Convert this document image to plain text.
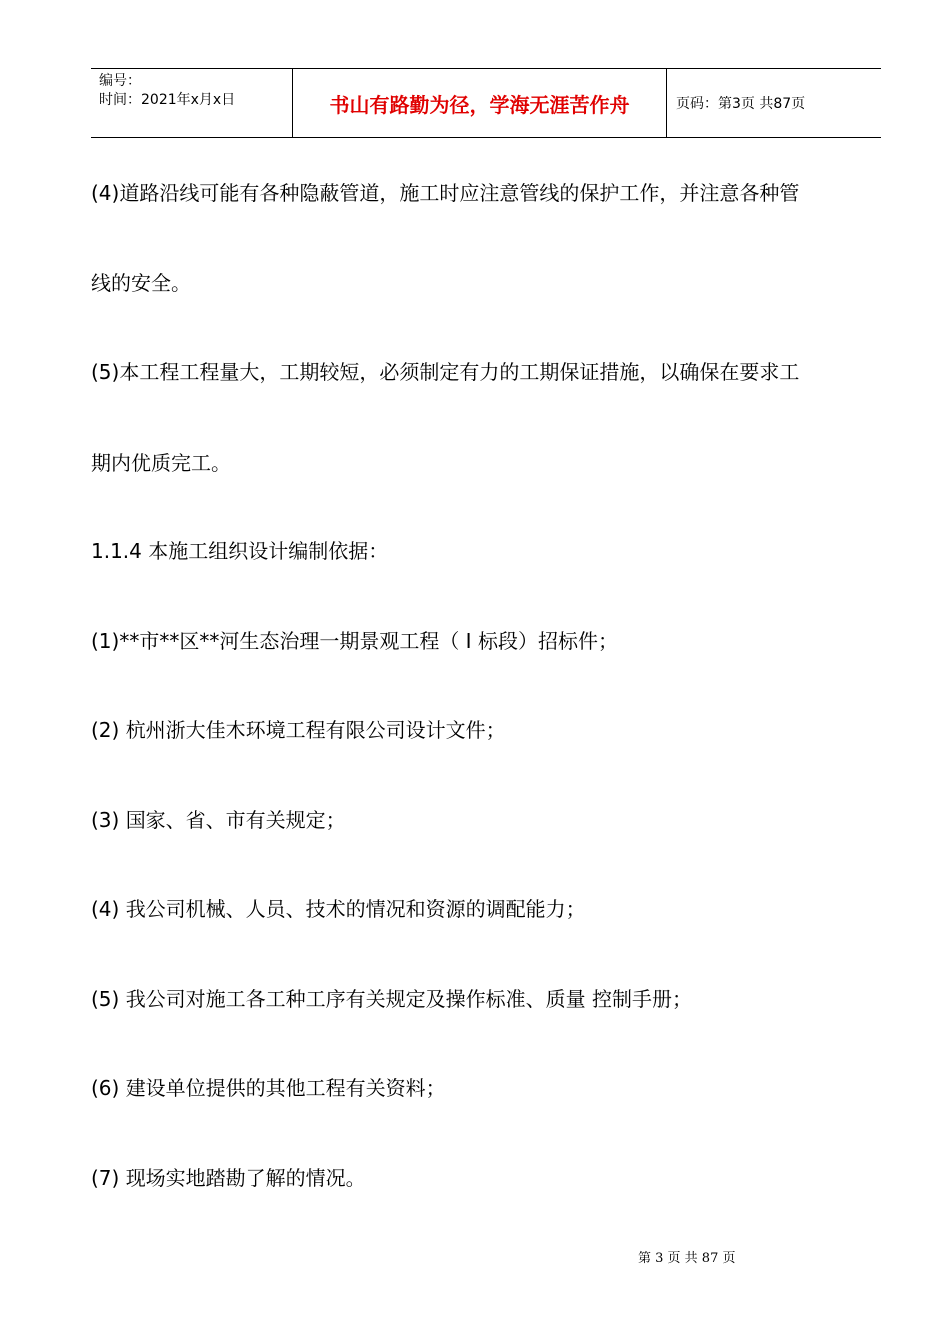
编号：
时间：2021年x月x日	书山有路勤为径，学海无涯苦作舟	页码：第3页 共87页
(4)道路沿线可能有各种隐蔽管道，施工时应注意管线的保护工作，并注意各种管
线的安全。
(5)本工程工程量大，工期较短，必须制定有力的工期保证措施，以确保在要求工
期内优质完工。
1.1.4 本施工组织设计编制依据：
(1)**市**区**河生态治理一期景观工程（ I 标段）招标件；
(2) 杭州浙大佳木环境工程有限公司设计文件；
(3) 国家、省、市有关规定；
(4) 我公司机械、人员、技术的情况和资源的调配能力；
(5) 我公司对施工各工种工序有关规定及操作标准、质量 控制手册；
(6) 建设单位提供的其他工程有关资料；
(7) 现场实地踏勘了解的情况。
第 3 页 共 87 页
